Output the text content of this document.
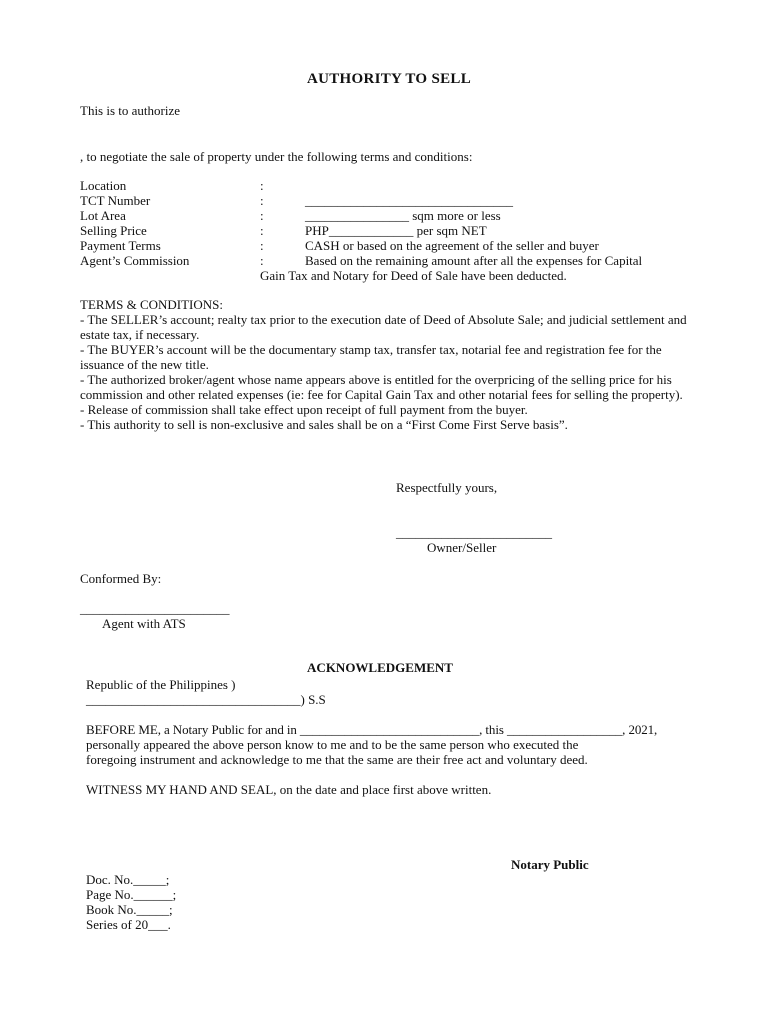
AUTHORITY TO SELL
This is to authorize
, to negotiate the sale of property under the following terms and conditions:
Location	:
TCT Number	:	________________________________
Lot Area	:	________________ sqm more or less
Selling Price	:	PHP_____________ per sqm NET
Payment Terms	:	CASH or based on the agreement of the seller and buyer
Agent’s Commission	:	Based on the remaining amount after all the expenses for Capital
Gain Tax and Notary for Deed of Sale have been deducted.

TERMS & CONDITIONS:

- The SELLER’s account; realty tax prior to the execution date of Deed of Absolute Sale; and judicial settlement and estate tax, if necessary.

- The BUYER’s account will be the documentary stamp tax, transfer tax, notarial fee and registration fee for the issuance of the new title.

- The authorized broker/agent whose name appears above is entitled for the overpricing of the selling price for his commission and other related expenses (ie: fee for Capital Gain Tax and other notarial fees for selling the property).

- Release of commission shall take effect upon receipt of full payment from the buyer.

- This authority to sell is non-exclusive and sales shall be on a “First Come First Serve basis”.

Respectfully yours,
________________________
Owner/Seller
Conformed By:
_______________________
Agent with ATS
ACKNOWLEDGEMENT
Republic of the Philippines )
_________________________________) S.S
BEFORE ME, a Notary Public for and in ____________________________, this __________________, 2021,
personally appeared the above person know to me and to be the same person who executed the
foregoing instrument and acknowledge to me that the same are their free act and voluntary deed.
WITNESS MY HAND AND SEAL, on the date and place first above written.
Notary Public
Doc. No._____;
Page No.______;
Book No._____;
Series of 20___.
